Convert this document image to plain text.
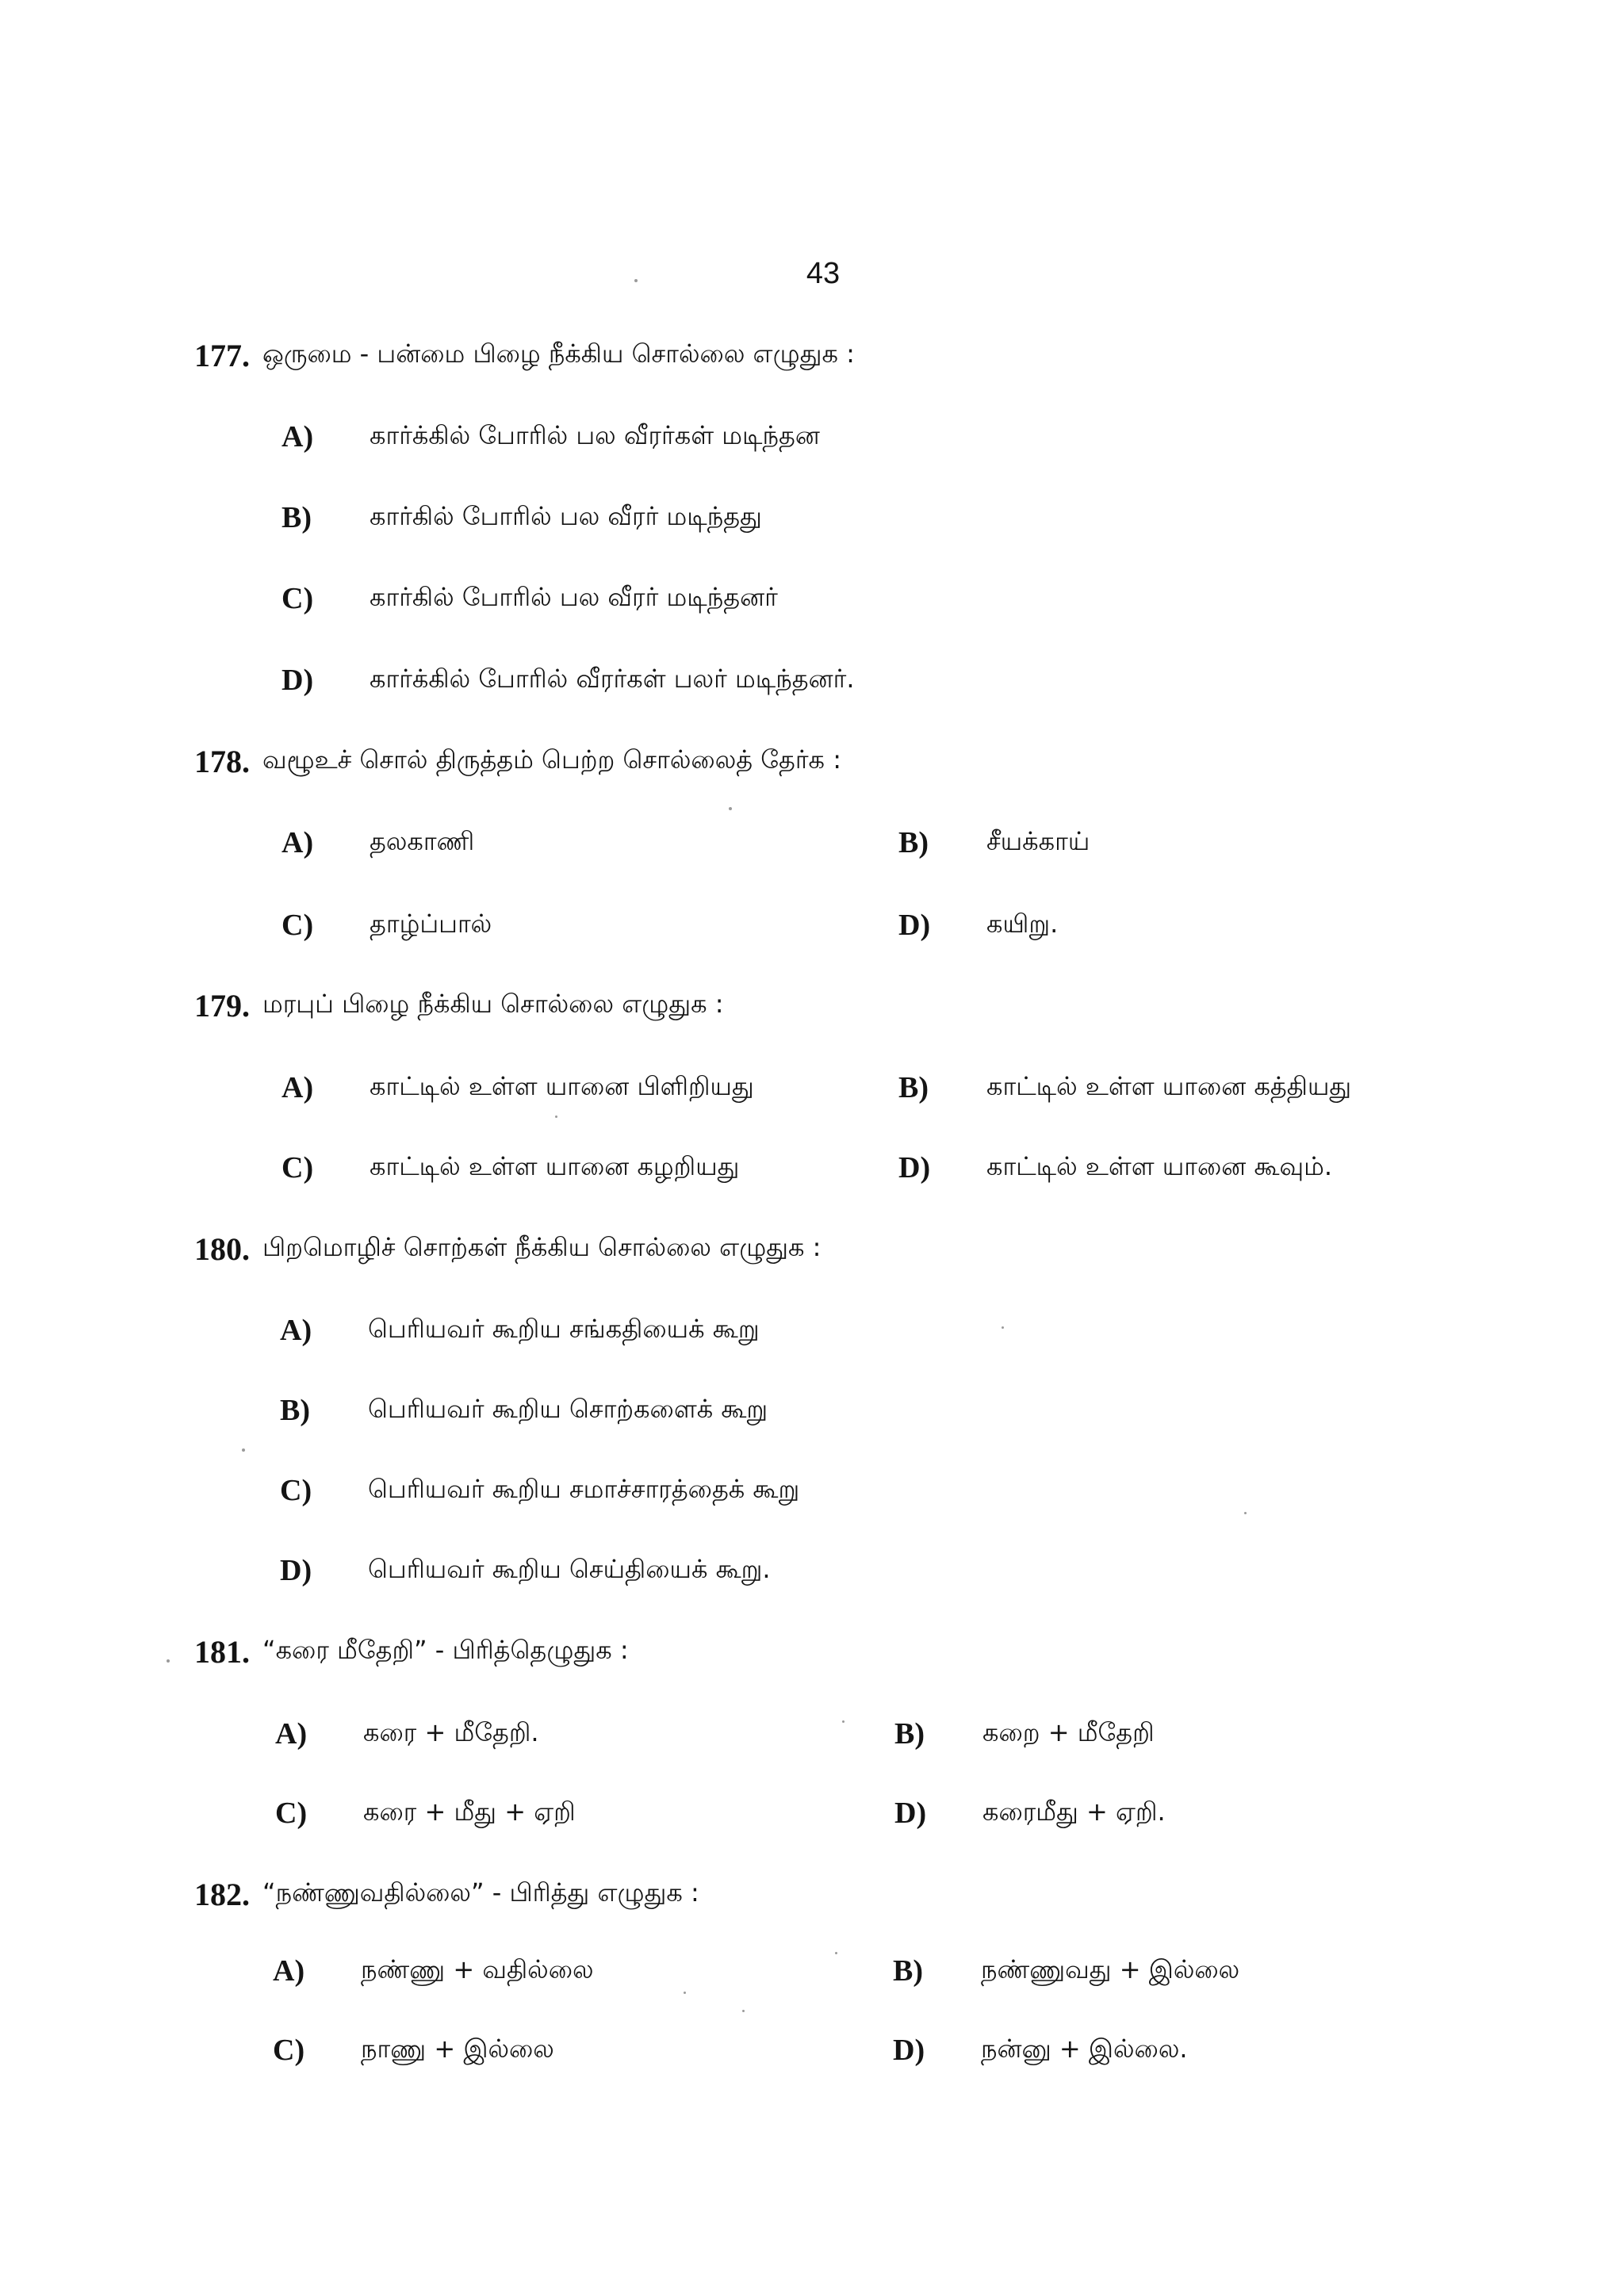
43
177. ஒருமை - பன்மை பிழை நீக்கிய சொல்லை எழுதுக :
A) கார்க்கில் போரில் பல வீரர்கள் மடிந்தன
B) கார்கில் போரில் பல வீரர் மடிந்தது
C) கார்கில் போரில் பல வீரர் மடிந்தனர்
D) கார்க்கில் போரில் வீரர்கள் பலர் மடிந்தனர்.
178. வழூஉச் சொல் திருத்தம் பெற்ற சொல்லைத் தேர்க :
A) தலகாணி	B) சீயக்காய்
C) தாழ்ப்பால்	D) கயிறு.
179. மரபுப் பிழை நீக்கிய சொல்லை எழுதுக :
A) காட்டில் உள்ள யானை பிளிறியது	B) காட்டில் உள்ள யானை கத்தியது
C) காட்டில் உள்ள யானை கழறியது	D) காட்டில் உள்ள யானை கூவும்.
180. பிறமொழிச் சொற்கள் நீக்கிய சொல்லை எழுதுக :
A) பெரியவர் கூறிய சங்கதியைக் கூறு
B) பெரியவர் கூறிய சொற்களைக் கூறு
C) பெரியவர் கூறிய சமாச்சாரத்தைக் கூறு
D) பெரியவர் கூறிய செய்தியைக் கூறு.
181. “கரை மீதேறி” - பிரித்தெழுதுக :
A) கரை + மீதேறி.	B) கறை + மீதேறி
C) கரை + மீது + ஏறி	D) கரைமீது + ஏறி.
182. “நண்ணுவதில்லை” - பிரித்து எழுதுக :
A) நண்ணு + வதில்லை	B) நண்ணுவது + இல்லை
C) நாணு + இல்லை	D) நன்னு + இல்லை.
